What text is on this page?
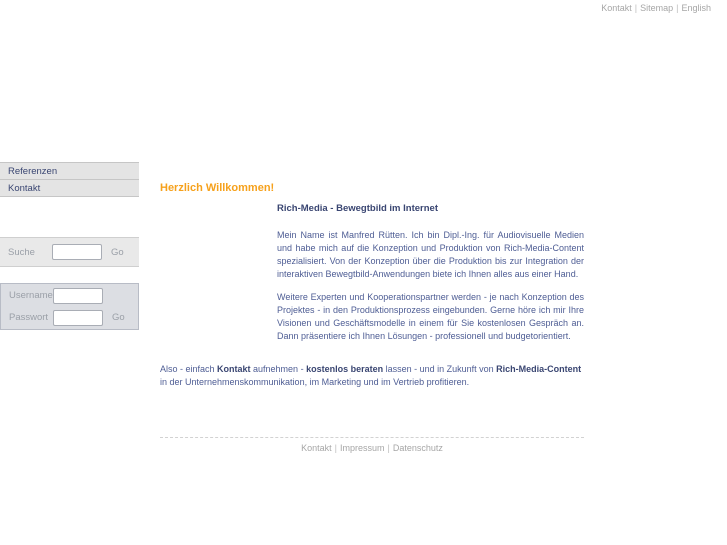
Kontakt | Sitemap | English
Referenzen
Kontakt
Suche	Go
Username
Passwort	Go
Herzlich Willkommen!
Rich-Media - Bewegtbild im Internet

Mein Name ist Manfred Rütten. Ich bin Dipl.-Ing. für Audiovisuelle Medien und habe mich auf die Konzeption und Produktion von Rich-Media-Content spezialisiert. Von der Konzeption über die Produktion bis zur Integration der interaktiven Bewegtbild-Anwendungen biete ich Ihnen alles aus einer Hand.

Weitere Experten und Kooperationspartner werden - je nach Konzeption des Projektes - in den Produktionsprozess eingebunden. Gerne höre ich mir Ihre Visionen und Geschäftsmodelle in einem für Sie kostenlosen Gespräch an. Dann präsentiere ich Ihnen Lösungen - professionell und budgetorientiert.

Also - einfach Kontakt aufnehmen - kostenlos beraten lassen - und in Zukunft von Rich-Media-Content in der Unternehmenskommunikation, im Marketing und im Vertrieb profitieren.

Kontakt | Impressum | Datenschutz
